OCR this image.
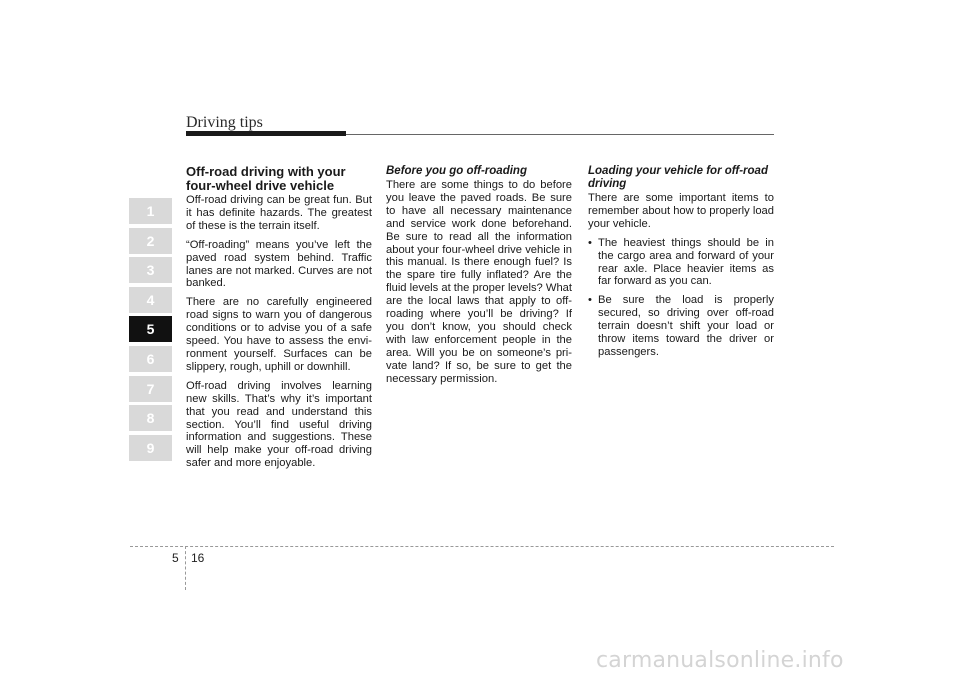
Driving tips
1
2
3
4
5
6
7
8
9
Off-road driving with your four-wheel drive vehicle

Off-road driving can be great fun. But it has definite hazards. The greatest of these is the terrain itself.

“Off-roading” means you’ve left the paved road system behind. Traffic lanes are not marked. Curves are not banked.

There are no carefully engineered road signs to warn you of dangerous conditions or to advise you of a safe speed. You have to assess the envi-ronment yourself. Surfaces can be slippery, rough, uphill or downhill.

Off-road driving involves learning new skills. That’s why it’s important that you read and understand this section. You’ll find useful driving information and suggestions. These will help make your off-road driving safer and more enjoyable.

Before you go off-roading

There are some things to do before you leave the paved roads. Be sure to have all necessary maintenance and service work done beforehand. Be sure to read all the information about your four-wheel drive vehicle in this manual. Is there enough fuel? Is the spare tire fully inflated? Are the fluid levels at the proper levels? What are the local laws that apply to off-roading where you’ll be driving? If you don’t know, you should check with law enforcement people in the area. Will you be on someone’s pri-vate land? If so, be sure to get the necessary permission.

Loading your vehicle for off-road driving

There are some important items to remember about how to properly load your vehicle.

• The heaviest things should be in the cargo area and forward of your rear axle. Place heavier items as far forward as you can.
• Be sure the load is properly secured, so driving over off-road terrain doesn’t shift your load or throw items toward the driver or passengers.
5 16
carmanualsonline.info
